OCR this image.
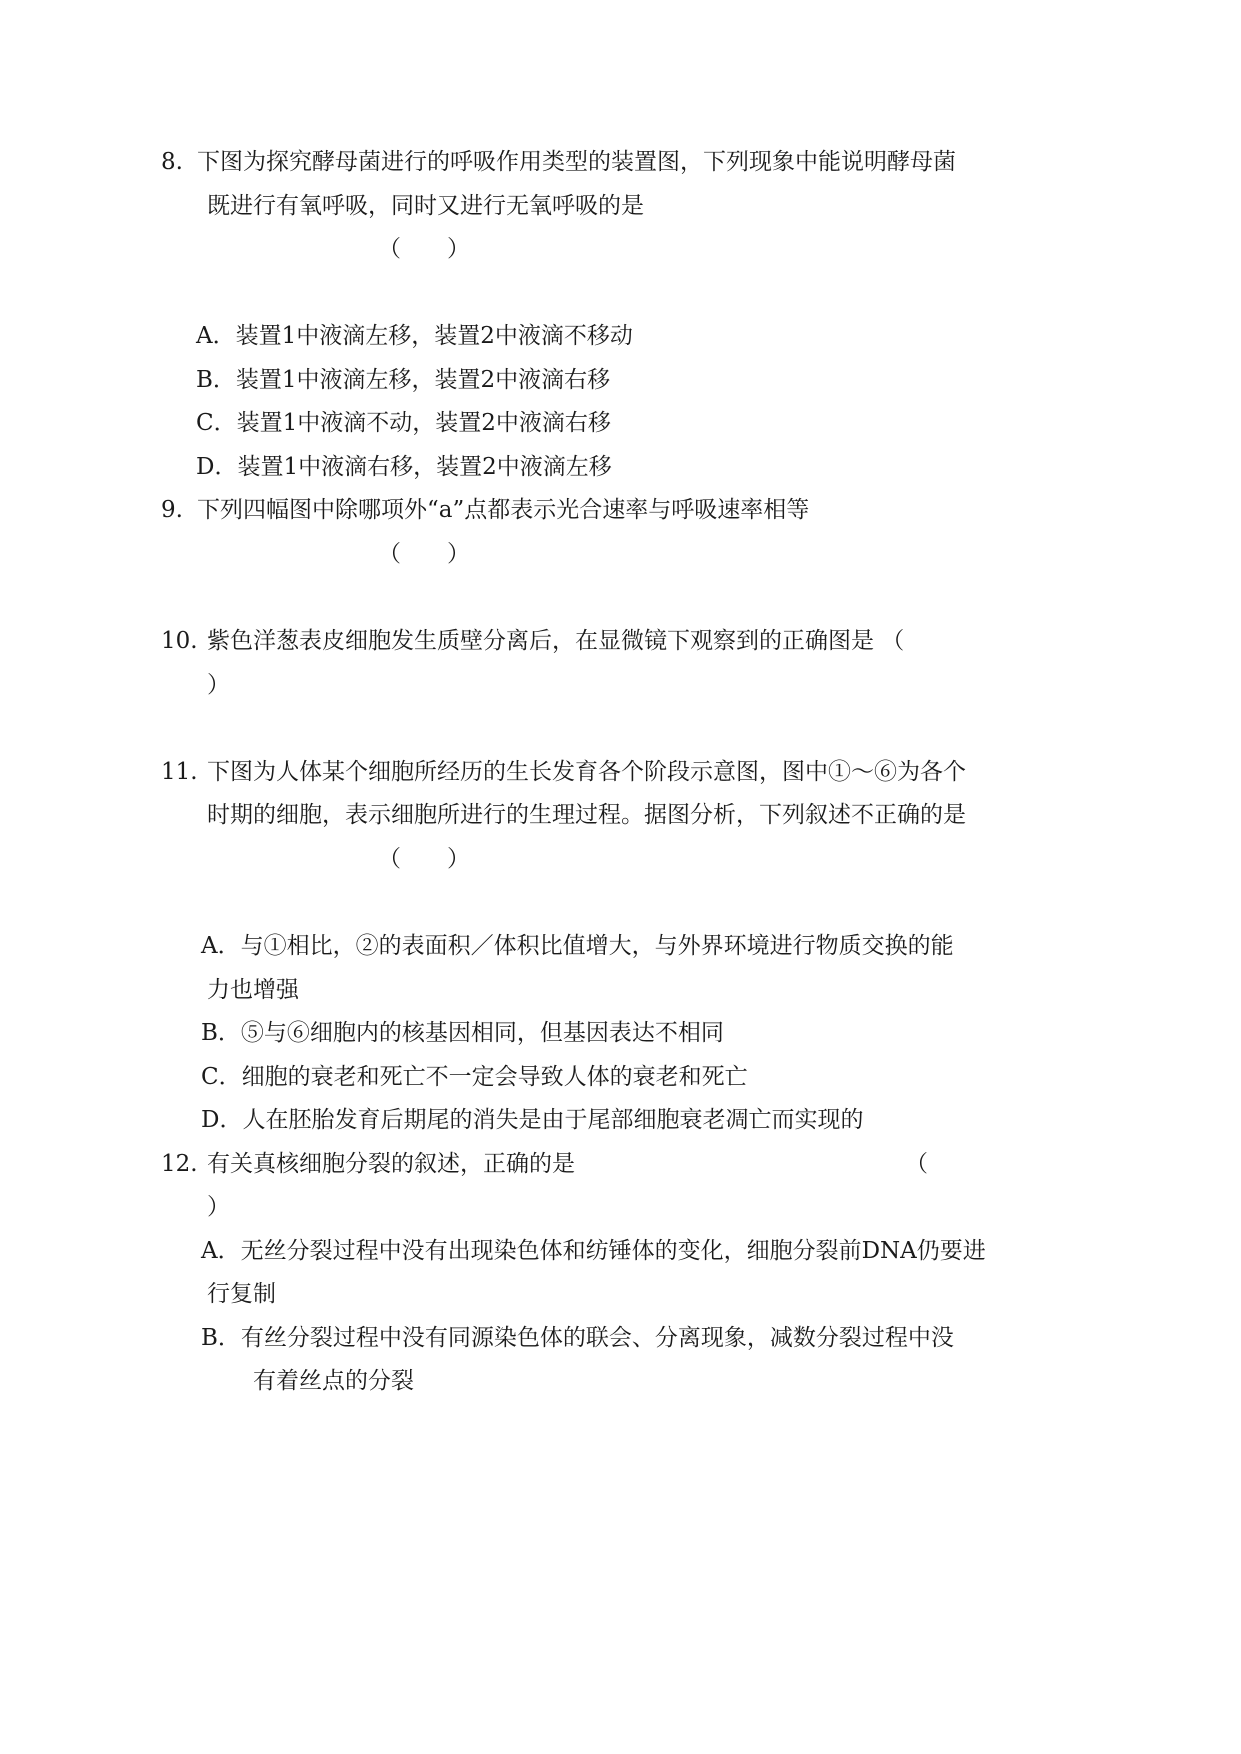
8. 下图为探究酵母菌进行的呼吸作用类型的装置图，下列现象中能说明酵母菌
既进行有氧呼吸，同时又进行无氧呼吸的是
（　　）
A．装置1中液滴左移，装置2中液滴不移动
B．装置1中液滴左移，装置2中液滴右移
C．装置1中液滴不动，装置2中液滴右移
D．装置1中液滴右移，装置2中液滴左移
9. 下列四幅图中除哪项外“a”点都表示光合速率与呼吸速率相等
（　　）
10. 紫色洋葱表皮细胞发生质壁分离后，在显微镜下观察到的正确图是 （
）
11. 下图为人体某个细胞所经历的生长发育各个阶段示意图，图中①～⑥为各个
时期的细胞，表示细胞所进行的生理过程。据图分析，下列叙述不正确的是
（　　）
A．与①相比，②的表面积／体积比值增大，与外界环境进行物质交换的能
力也增强
B．⑤与⑥细胞内的核基因相同，但基因表达不相同
C．细胞的衰老和死亡不一定会导致人体的衰老和死亡
D．人在胚胎发育后期尾的消失是由于尾部细胞衰老凋亡而实现的
12. 有关真核细胞分裂的叙述，正确的是	（
）
A．无丝分裂过程中没有出现染色体和纺锤体的变化，细胞分裂前DNA仍要进
行复制
B．有丝分裂过程中没有同源染色体的联会、分离现象，减数分裂过程中没
有着丝点的分裂
